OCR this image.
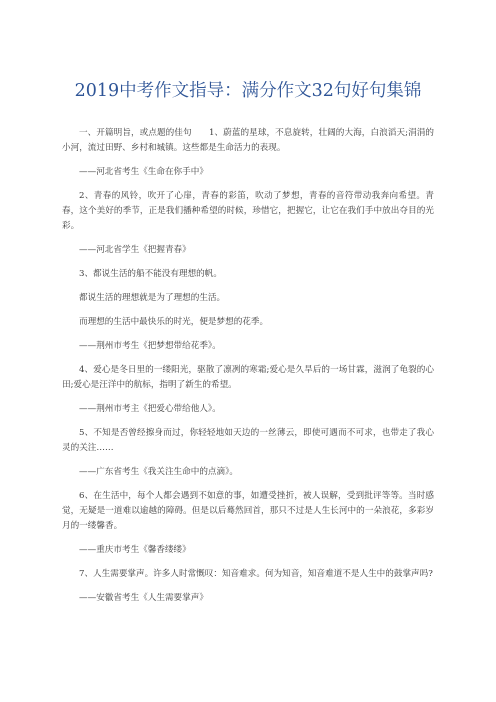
2019中考作文指导：满分作文32句好句集锦

一、开篇明旨，或点题的佳句　　1、蔚蓝的星球，不息旋转，壮阔的大海，白浪滔天;涓涓的小河，流过田野、乡村和城镇。这些都是生命活力的表现。

——河北省考生《生命在你手中》

2、青春的风铃，吹开了心扉，青春的彩笛，吹动了梦想，青春的音符带动我奔向希望。青春，这个美好的季节，正是我们播种希望的时候，珍惜它，把握它，让它在我们手中放出夺目的光彩。

——河北省学生《把握青春》

3、都说生活的船不能没有理想的帆。

都说生活的理想就是为了理想的生活。

而理想的生活中最快乐的时光，便是梦想的花季。

——荆州市考生《把梦想带给花季》。

4、爱心是冬日里的一缕阳光，驱散了凛冽的寒霜;爱心是久旱后的一场甘霖，滋润了龟裂的心田;爱心是汪洋中的航标，指明了新生的希望。

——荆州市考主《把爱心带给他人》。

5、不知是否曾经擦身而过，你轻轻地如天边的一丝薄云，即使可遇而不可求，也带走了我心灵的关注……

——广东省考生《我关注生命中的点滴》。

6、在生活中，每个人都会遇到不如意的事，如遭受挫折，被人误解，受到批评等等。当时感觉，无疑是一道难以逾越的障碍。但是以后蓦然回首，那只不过是人生长河中的一朵浪花，多彩岁月的一缕馨香。

——重庆市考生《馨香缕缕》

7、人生需要掌声。许多人时常慨叹：知音难求。何为知音，知音难道不是人生中的鼓掌声吗?

——安徽省考生《人生需要掌声》
